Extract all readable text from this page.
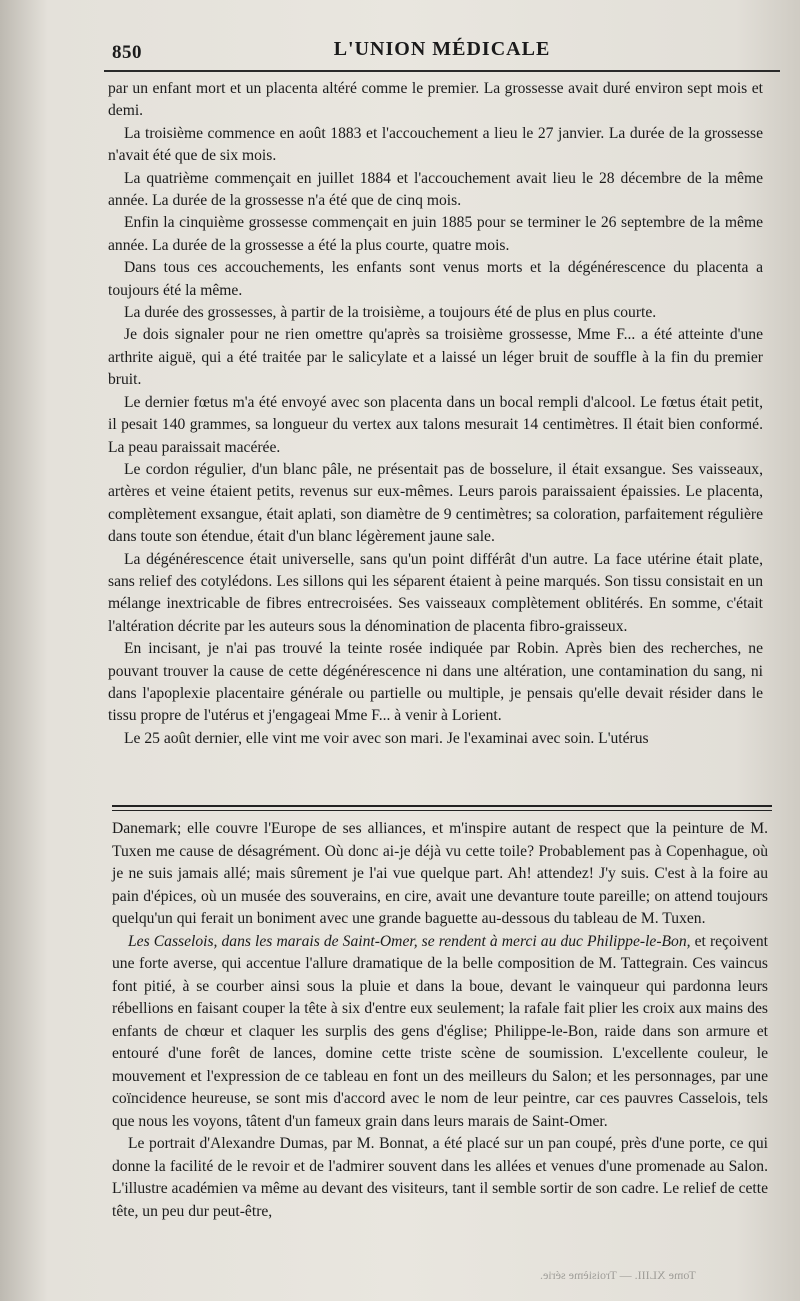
850	L'UNION MÉDICALE

par un enfant mort et un placenta altéré comme le premier. La grossesse avait duré environ sept mois et demi.

La troisième commence en août 1883 et l'accouchement a lieu le 27 janvier. La durée de la grossesse n'avait été que de six mois.

La quatrième commençait en juillet 1884 et l'accouchement avait lieu le 28 décembre de la même année. La durée de la grossesse n'a été que de cinq mois.

Enfin la cinquième grossesse commençait en juin 1885 pour se terminer le 26 septembre de la même année. La durée de la grossesse a été la plus courte, quatre mois.

Dans tous ces accouchements, les enfants sont venus morts et la dégénérescence du placenta a toujours été la même.

La durée des grossesses, à partir de la troisième, a toujours été de plus en plus courte.

Je dois signaler pour ne rien omettre qu'après sa troisième grossesse, Mme F... a été atteinte d'une arthrite aiguë, qui a été traitée par le salicylate et a laissé un léger bruit de souffle à la fin du premier bruit.

Le dernier fœtus m'a été envoyé avec son placenta dans un bocal rempli d'alcool. Le fœtus était petit, il pesait 140 grammes, sa longueur du vertex aux talons mesurait 14 centimètres. Il était bien conformé. La peau paraissait macérée.

Le cordon régulier, d'un blanc pâle, ne présentait pas de bosselure, il était exsangue. Ses vaisseaux, artères et veine étaient petits, revenus sur eux-mêmes. Leurs parois paraissaient épaissies. Le placenta, complètement exsangue, était aplati, son diamètre de 9 centimètres; sa coloration, parfaitement régulière dans toute son étendue, était d'un blanc légèrement jaune sale.

La dégénérescence était universelle, sans qu'un point différât d'un autre. La face utérine était plate, sans relief des cotylédons. Les sillons qui les séparent étaient à peine marqués. Son tissu consistait en un mélange inextricable de fibres entrecroisées. Ses vaisseaux complètement oblitérés. En somme, c'était l'altération décrite par les auteurs sous la dénomination de placenta fibro-graisseux.

En incisant, je n'ai pas trouvé la teinte rosée indiquée par Robin. Après bien des recherches, ne pouvant trouver la cause de cette dégénérescence ni dans une altération, une contamination du sang, ni dans l'apoplexie placentaire générale ou partielle ou multiple, je pensais qu'elle devait résider dans le tissu propre de l'utérus et j'engageai Mme F... à venir à Lorient.

Le 25 août dernier, elle vint me voir avec son mari. Je l'examinai avec soin. L'utérus

Danemark; elle couvre l'Europe de ses alliances, et m'inspire autant de respect que la peinture de M. Tuxen me cause de désagrément. Où donc ai-je déjà vu cette toile? Probablement pas à Copenhague, où je ne suis jamais allé; mais sûrement je l'ai vue quelque part. Ah! attendez! J'y suis. C'est à la foire au pain d'épices, où un musée des souverains, en cire, avait une devanture toute pareille; on attend toujours quelqu'un qui ferait un boniment avec une grande baguette au-dessous du tableau de M. Tuxen.

Les Casselois, dans les marais de Saint-Omer, se rendent à merci au duc Philippe-le-Bon, et reçoivent une forte averse, qui accentue l'allure dramatique de la belle composition de M. Tattegrain. Ces vaincus font pitié, à se courber ainsi sous la pluie et dans la boue, devant le vainqueur qui pardonna leurs rébellions en faisant couper la tête à six d'entre eux seulement; la rafale fait plier les croix aux mains des enfants de chœur et claquer les surplis des gens d'église; Philippe-le-Bon, raide dans son armure et entouré d'une forêt de lances, domine cette triste scène de soumission. L'excellente couleur, le mouvement et l'expression de ce tableau en font un des meilleurs du Salon; et les personnages, par une coïncidence heureuse, se sont mis d'accord avec le nom de leur peintre, car ces pauvres Casselois, tels que nous les voyons, tâtent d'un fameux grain dans leurs marais de Saint-Omer.

Le portrait d'Alexandre Dumas, par M. Bonnat, a été placé sur un pan coupé, près d'une porte, ce qui donne la facilité de le revoir et de l'admirer souvent dans les allées et venues d'une promenade au Salon. L'illustre académien va même au devant des visiteurs, tant il semble sortir de son cadre. Le relief de cette tête, un peu dur peut-être,

Tome XLIII. — Troisième série.
